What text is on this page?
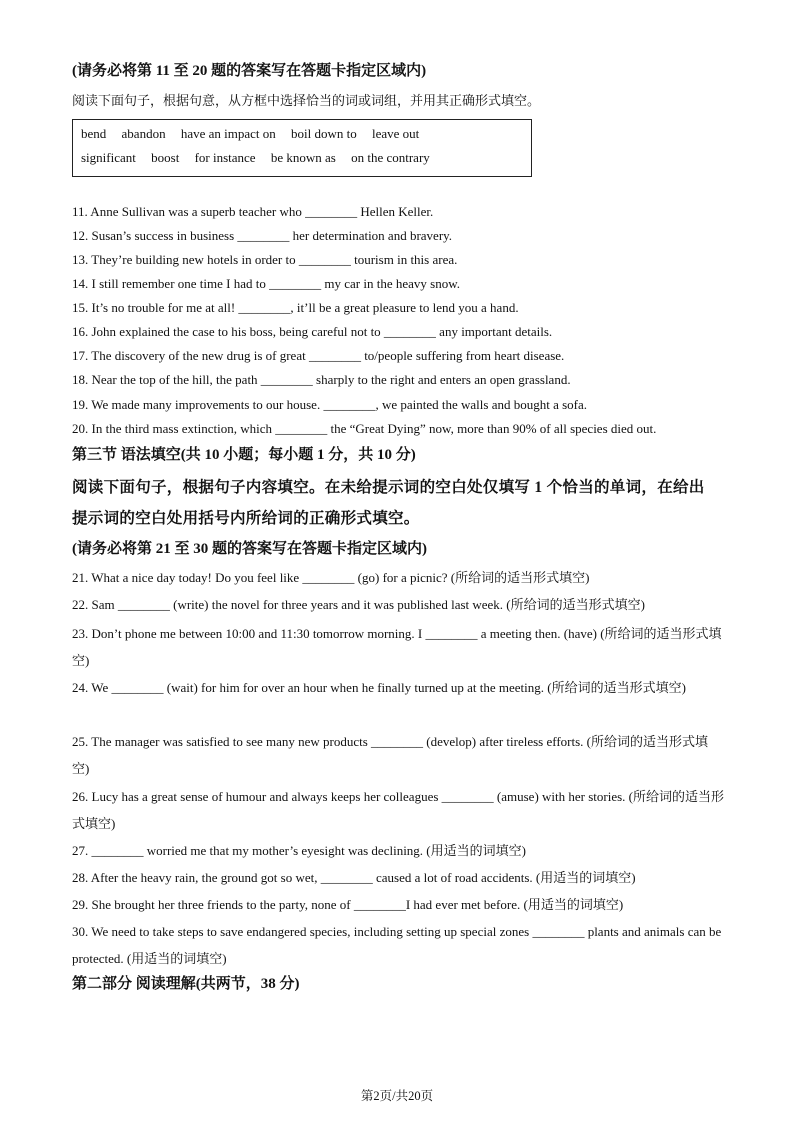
(请务必将第 11 至 20 题的答案写在答题卡指定区域内)
阅读下面句子，根据句意，从方框中选择恰当的词或词组，并用其正确形式填空。
bend abandon have an impact on boil down to leave out
significant boost for instance be known as on the contrary
11. Anne Sullivan was a superb teacher who ________ Hellen Keller.
12. Susan’s success in business ________ her determination and bravery.
13. They’re building new hotels in order to ________ tourism in this area.
14. I still remember one time I had to ________ my car in the heavy snow.
15. It’s no trouble for me at all! ________, it’ll be a great pleasure to lend you a hand.
16. John explained the case to his boss, being careful not to ________ any important details.
17. The discovery of the new drug is of great ________ to/people suffering from heart disease.
18. Near the top of the hill, the path ________ sharply to the right and enters an open grassland.
19. We made many improvements to our house. ________, we painted the walls and bought a sofa.
20. In the third mass extinction, which ________ the “Great Dying” now, more than 90% of all species died out.
第三节 语法填空(共 10 小题；每小题 1 分，共 10 分)
阅读下面句子，根据句子内容填空。在未给提示词的空白处仅填写 1 个恰当的单词，在给出
提示词的空白处用括号内所给词的正确形式填空。
(请务必将第 21 至 30 题的答案写在答题卡指定区域内)
21. What a nice day today! Do you feel like ________ (go) for a picnic? (所给词的适当形式填空)
22. Sam ________ (write) the novel for three years and it was published last week. (所给词的适当形式填空)
23. Don’t phone me between 10:00 and 11:30 tomorrow morning. I ________ a meeting then. (have) (所给词的适当形式填空)
24. We ________ (wait) for him for over an hour when he finally turned up at the meeting. (所给词的适当形式填空)
25. The manager was satisfied to see many new products ________ (develop) after tireless efforts. (所给词的适当形式填空)
26. Lucy has a great sense of humour and always keeps her colleagues ________ (amuse) with her stories. (所给词的适当形式填空)
27. ________ worried me that my mother’s eyesight was declining. (用适当的词填空)
28. After the heavy rain, the ground got so wet, ________ caused a lot of road accidents. (用适当的词填空)
29. She brought her three friends to the party, none of ________I had ever met before. (用适当的词填空)
30. We need to take steps to save endangered species, including setting up special zones ________ plants and animals can be protected. (用适当的词填空)
第二部分 阅读理解(共两节，38 分)
第2页/共20页
